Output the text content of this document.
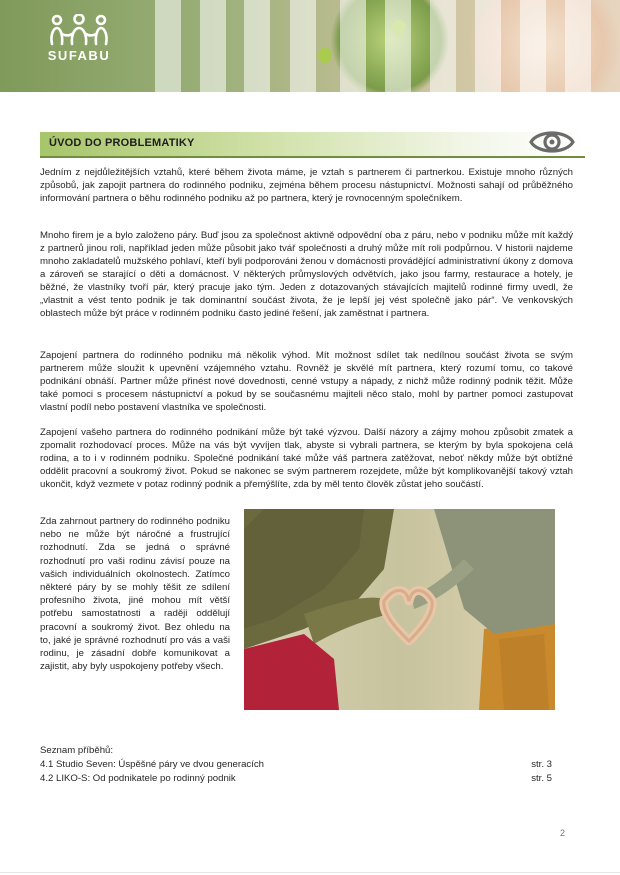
SUFABU
ÚVOD DO PROBLEMATIKY

Jedním z nejdůležitějších vztahů, které během života máme, je vztah s partnerem či partnerkou. Existuje mnoho různých způsobů, jak zapojit partnera do rodinného podniku, zejména během procesu nástupnictví. Možnosti sahají od průběžného informování partnera o běhu rodinného podniku až po partnera, který je rovnocenným společníkem.

Mnoho firem je a bylo založeno páry. Buď jsou za společnost aktivně odpovědní oba z páru, nebo v podniku může mít každý z partnerů jinou roli, například jeden může působit jako tvář společnosti a druhý může mít roli podpůrnou. V historii najdeme mnoho zakladatelů mužského pohlaví, kteří byli podporováni ženou v domácnosti provádějící administrativní úkony z domova a zároveň se starající o děti a domácnost. V některých průmyslových odvětvích, jako jsou farmy, restaurace a hotely, je běžné, že vlastníky tvoří pár, který pracuje jako tým. Jeden z dotazovaných stávajících majitelů rodinné firmy uvedl, že „vlastnit a vést tento podnik je tak dominantní součást života, že je lepší jej vést společně jako pár“. Ve venkovských oblastech může být práce v rodinném podniku často jediné řešení, jak zaměstnat i partnera.

Zapojení partnera do rodinného podniku má několik výhod. Mít možnost sdílet tak nedílnou součást života se svým partnerem může sloužit k upevnění vzájemného vztahu. Rovněž je skvělé mít partnera, který rozumí tomu, co takové podnikání obnáší. Partner může přinést nové dovednosti, cenné vstupy a nápady, z nichž může rodinný podnik těžit. Může také pomoci s procesem nástupnictví a pokud by se současnému majiteli něco stalo, mohl by partner pomoci zastupovat vlastní podíl nebo postavení vlastníka ve společnosti.

Zapojení vašeho partnera do rodinného podnikání může být také výzvou. Další názory a zájmy mohou způsobit zmatek a zpomalit rozhodovací proces. Může na vás být vyvíjen tlak, abyste si vybrali partnera, se kterým by byla spokojena celá rodina, a to i v rodinném podniku. Společné podnikání také může váš partnera zatěžovat, neboť někdy může být obtížné oddělit pracovní a soukromý život. Pokud se nakonec se svým partnerem rozejdete, může být komplikovanější takový vztah ukončit, když vezmete v potaz rodinný podnik a přemýšlíte, zda by měl tento člověk zůstat jeho součástí.

Zda zahrnout partnery do rodinného podniku nebo ne může být náročné a frustrující rozhodnutí. Zda se jedná o správné rozhodnutí pro vaši rodinu závisí pouze na vašich individuálních okolnostech. Zatímco některé páry by se mohly těšit ze sdílení profesního života, jiné mohou mít větší potřebu samostatnosti a raději oddělují pracovní a soukromý život. Bez ohledu na to, jaké je správné rozhodnutí pro vás a vaši rodinu, je zásadní dobře komunikovat a zajistit, aby byly uspokojeny potřeby všech.

Seznam příběhů:
4.1 Studio Seven: Úspěšné páry ve dvou generacích	str. 3
4.2 LIKO-S: Od podnikatele po rodinný podnik	str. 5
2
